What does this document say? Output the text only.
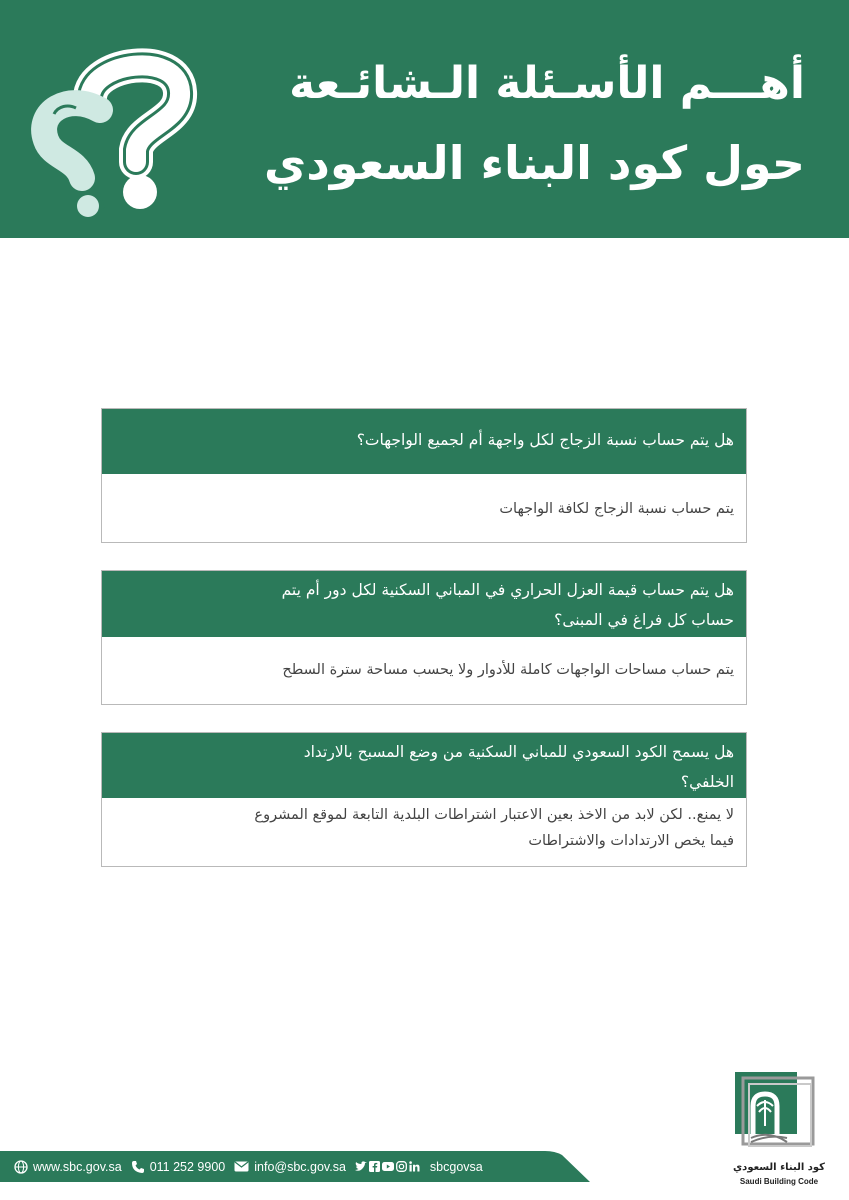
أهـــم الأسـئلة الـشائـعة
حول كود البناء السعودي
هل يتم حساب نسبة الزجاج لكل واجهة أم لجميع الواجهات؟
يتم حساب نسبة الزجاج لكافة الواجهات
هل يتم حساب قيمة العزل الحراري في المباني السكنية لكل دور أم يتم
حساب كل فراغ في المبنى؟
يتم حساب مساحات الواجهات كاملة للأدوار ولا يحسب مساحة سترة السطح
هل يسمح الكود السعودي للمباني السكنية من وضع المسبح بالارتداد
الخلفي؟
لا يمنع.. لكن لابد من الاخذ بعين الاعتبار اشتراطات البلدية التابعة لموقع المشروع
فيما يخص الارتدادات والاشتراطات
كود البناء السعودي
Saudi Building Code
www.sbc.gov.sa 011 252 9900 info@sbc.gov.sa	sbcgovsa
